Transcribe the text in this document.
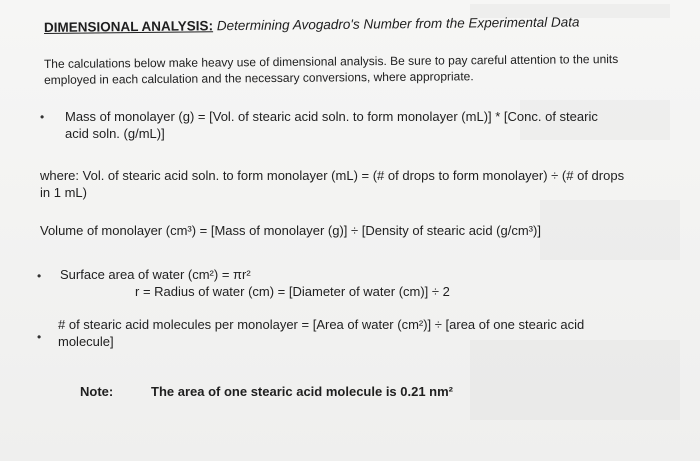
DIMENSIONAL ANALYSIS: Determining Avogadro's Number from the Experimental Data
The calculations below make heavy use of dimensional analysis. Be sure to pay careful attention to the units employed in each calculation and the necessary conversions, where appropriate.
• Mass of monolayer (g) = [Vol. of stearic acid soln. to form monolayer (mL)] * [Conc. of stearic acid soln. (g/mL)]
where: Vol. of stearic acid soln. to form monolayer (mL) = (# of drops to form monolayer) ÷ (# of drops in 1 mL)
Volume of monolayer (cm³) = [Mass of monolayer (g)] ÷ [Density of stearic acid (g/cm³)]
• Surface area of water (cm²) = πr²
r = Radius of water (cm) = [Diameter of water (cm)] ÷ 2
•
# of stearic acid molecules per monolayer = [Area of water (cm²)] ÷ [area of one stearic acid molecule]
Note:	The area of one stearic acid molecule is 0.21 nm²
